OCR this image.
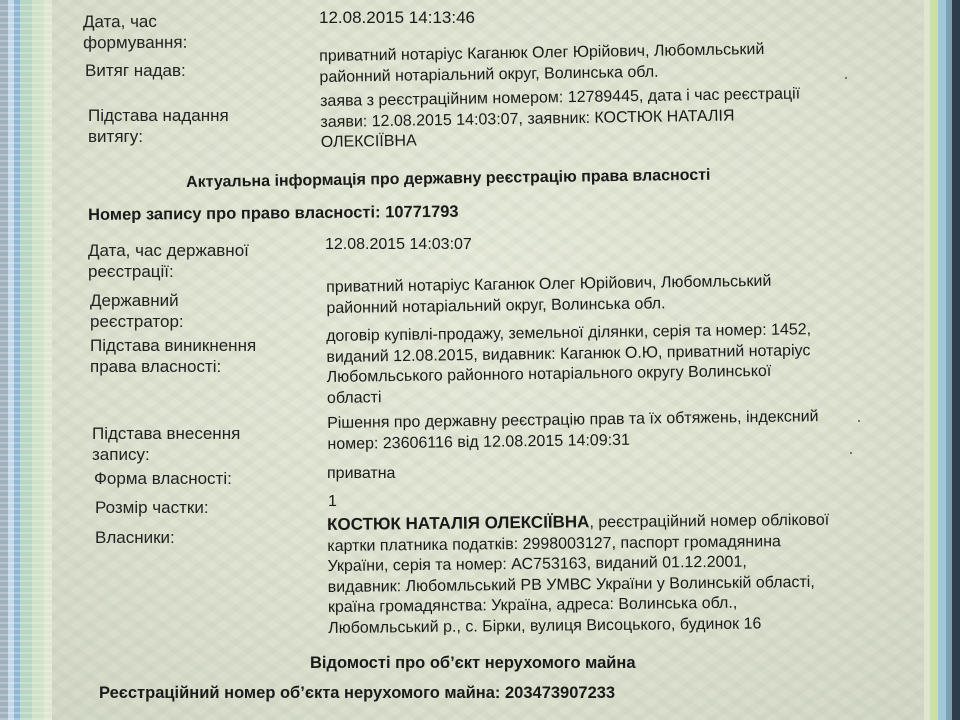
Дата, час
формування:
12.08.2015 14:13:46
Витяг надав:
приватний нотаріус Каганюк Олег Юрійович, Любомльський
районний нотаріальний округ, Волинська обл.
Підстава надання
витягу:
заява з реєстраційним номером: 12789445, дата і час реєстрації
заяви: 12.08.2015 14:03:07, заявник: КОСТЮК НАТАЛІЯ
ОЛЕКСІЇВНА
Актуальна інформація про державну реєстрацію права власності
Номер запису про право власності: 10771793
Дата, час державної
реєстрації:
12.08.2015 14:03:07
Державний
реєстратор:
приватний нотаріус Каганюк Олег Юрійович, Любомльський
районний нотаріальний округ, Волинська обл.
Підстава виникнення
права власності:
договір купівлі-продажу, земельної ділянки, серія та номер: 1452,
виданий 12.08.2015, видавник: Каганюк О.Ю, приватний нотаріус
Любомльського районного нотаріального округу Волинської
області
Підстава внесення
запису:
Рішення про державну реєстрацію прав та їх обтяжень, індексний
номер: 23606116 від 12.08.2015 14:09:31
Форма власності:	приватна
Розмір частки:	1
Власники:
КОСТЮК НАТАЛІЯ ОЛЕКСІЇВНА, реєстраційний номер облікової
картки платника податків: 2998003127, паспорт громадянина
України, серія та номер: АС753163, виданий 01.12.2001,
видавник: Любомльський РВ УМВС України у Волинській області,
країна громадянства: Україна, адреса: Волинська обл.,
Любомльський р., с. Бірки, вулиця Висоцького, будинок 16
Відомості про об’єкт нерухомого майна
Реєстраційний номер об’єкта нерухомого майна: 203473907233
